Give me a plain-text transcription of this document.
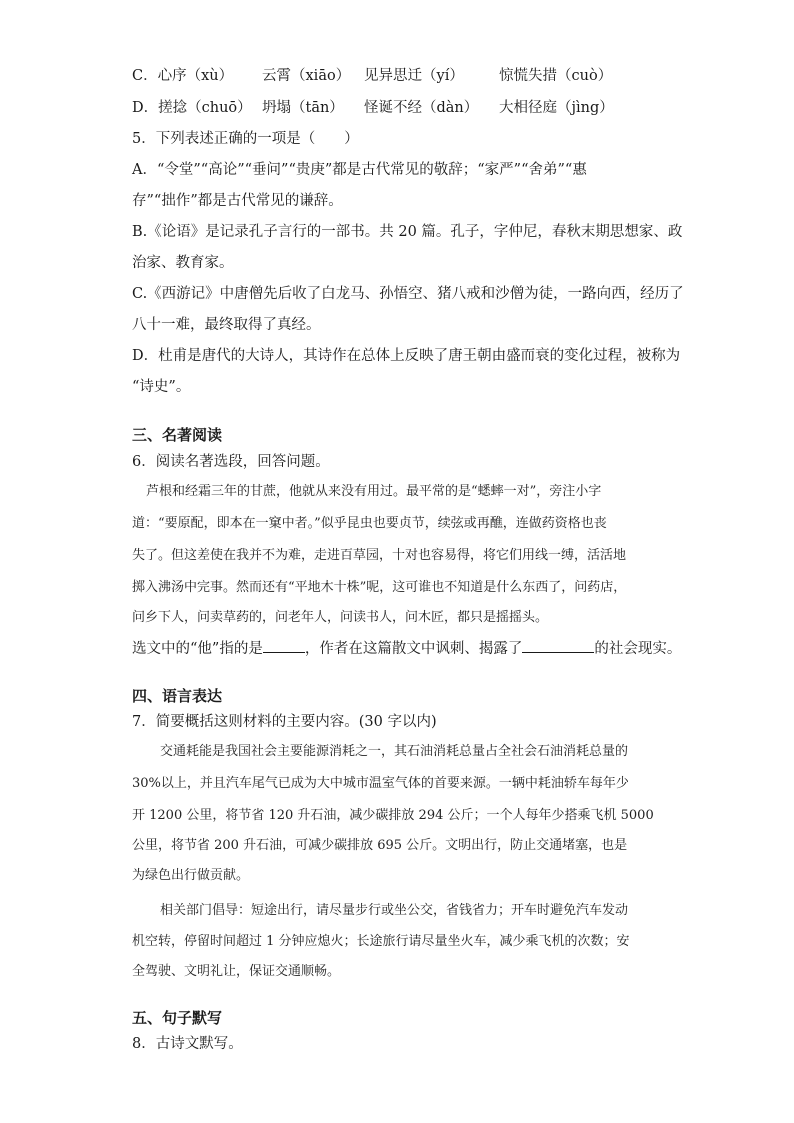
C．心序（xù） 云霄（xiāo） 见异思迁（yí） 惊慌失措（cuò）
D．搓捻（chuō） 坍塌（tān） 怪诞不经（dàn） 大相径庭（jìng）
5．下列表述正确的一项是（　　）
A．“令堂”“高论”“垂问”“贵庚”都是古代常见的敬辞；“家严”“舍弟”“惠
存”“拙作”都是古代常见的谦辞。
B.《论语》是记录孔子言行的一部书。共 20 篇。孔子，字仲尼，春秋末期思想家、政
治家、教育家。
C.《西游记》中唐僧先后收了白龙马、孙悟空、猪八戒和沙僧为徒，一路向西，经历了
八十一难，最终取得了真经。
D．杜甫是唐代的大诗人，其诗作在总体上反映了唐王朝由盛而衰的变化过程，被称为
“诗史”。
三、名著阅读
6．阅读名著选段，回答问题。
芦根和经霜三年的甘蔗，他就从来没有用过。最平常的是“蟋蟀一对”，旁注小字
道：“要原配，即本在一窠中者。”似乎昆虫也要贞节，续弦或再醮，连做药资格也丧
失了。但这差使在我并不为难，走进百草园，十对也容易得，将它们用线一缚，活活地
掷入沸汤中完事。然而还有“平地木十株”呢，这可谁也不知道是什么东西了，问药店，
问乡下人，问卖草药的，问老年人，问读书人，问木匠，都只是摇摇头。
选文中的“他”指的是	，作者在这篇散文中讽刺、揭露了	的社会现实。
四、语言表达
7．简要概括这则材料的主要内容。(30 字以内)
交通耗能是我国社会主要能源消耗之一，其石油消耗总量占全社会石油消耗总量的
30%以上，并且汽车尾气已成为大中城市温室气体的首要来源。一辆中耗油轿车每年少
开 1200 公里，将节省 120 升石油，减少碳排放 294 公斤；一个人每年少搭乘飞机 5000
公里，将节省 200 升石油，可减少碳排放 695 公斤。文明出行，防止交通堵塞，也是
为绿色出行做贡献。
相关部门倡导：短途出行，请尽量步行或坐公交，省钱省力；开车时避免汽车发动
机空转，停留时间超过 1 分钟应熄火；长途旅行请尽量坐火车，减少乘飞机的次数；安
全驾驶、文明礼让，保证交通顺畅。
五、句子默写
8．古诗文默写。
